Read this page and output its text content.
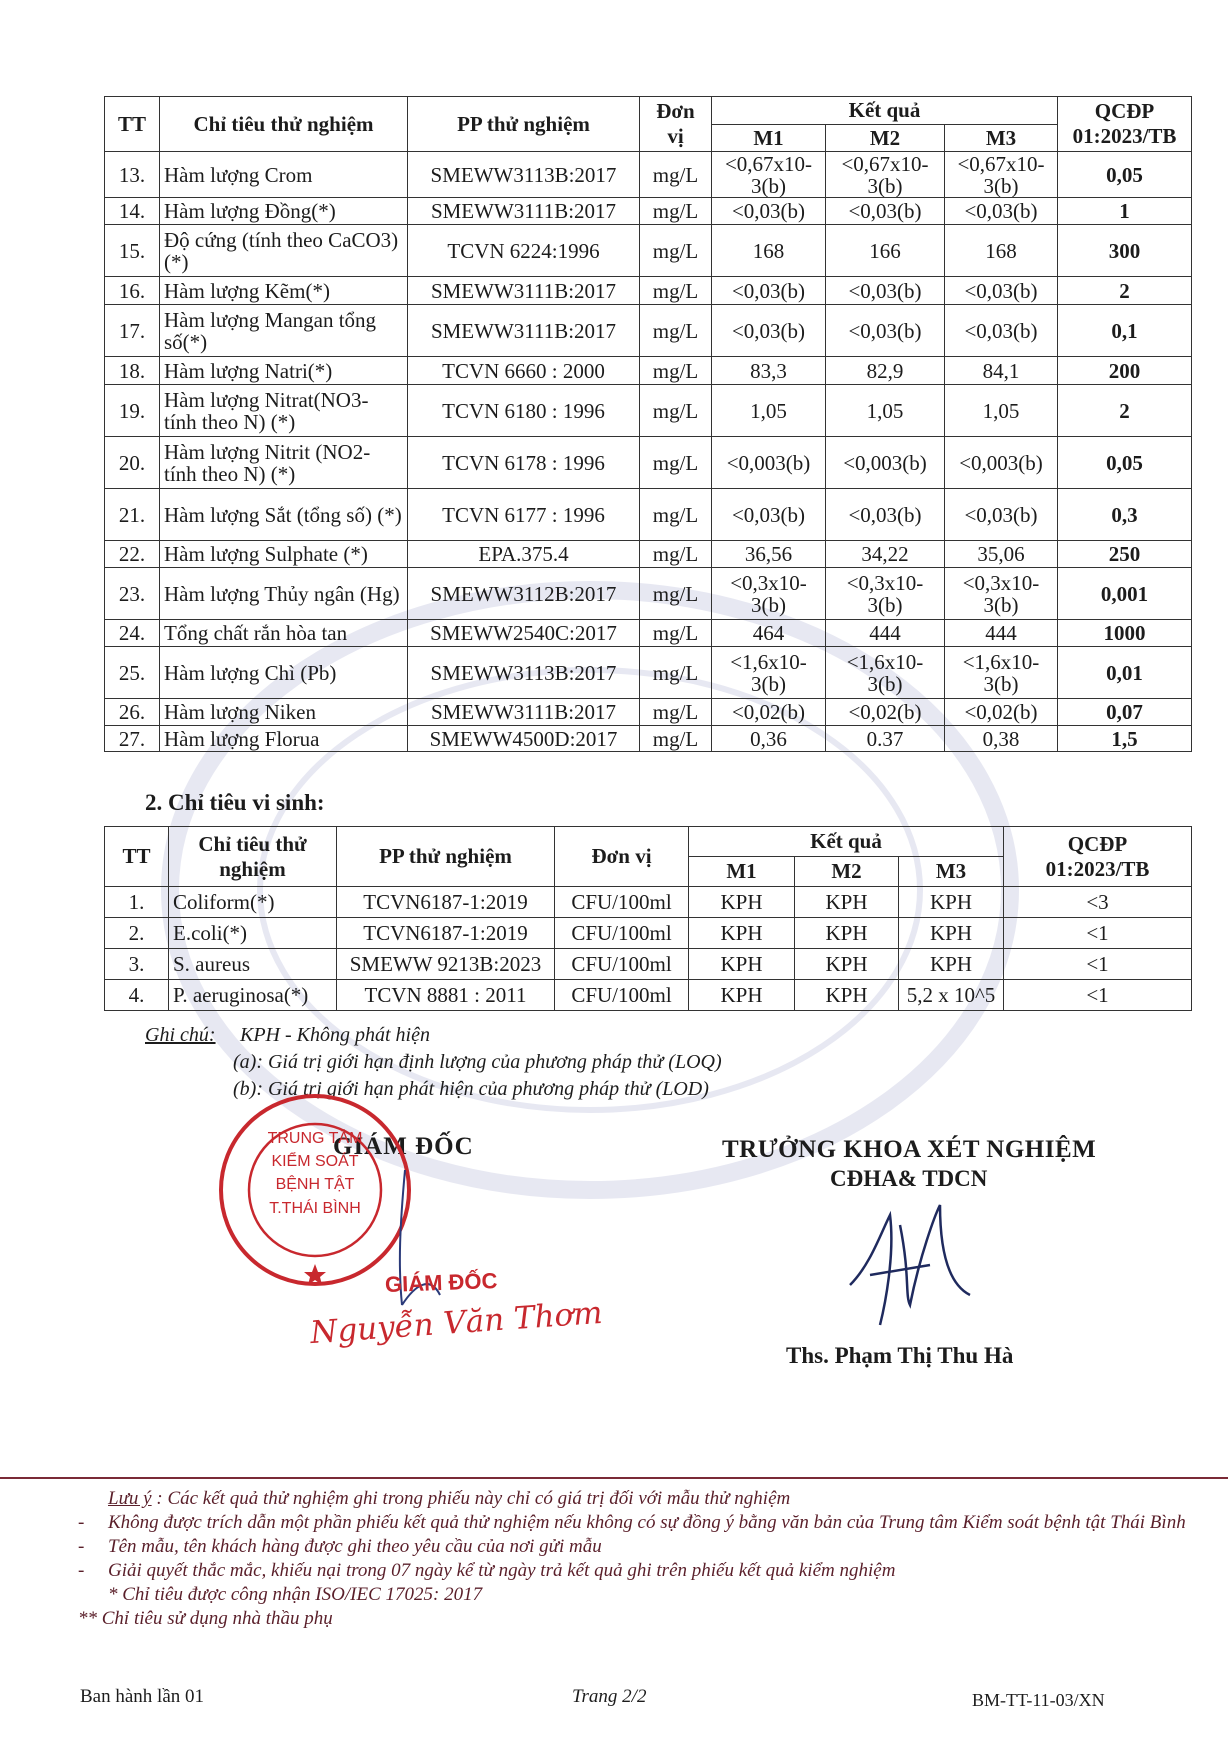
TT	Chỉ tiêu thử nghiệm	PP thử nghiệm	Đơn
vị	Kết quả			QCĐP
01:2023/TB
				M1	M2	M3	
13.	Hàm lượng Crom	SMEWW3113B:2017	mg/L	<0,67x10-3(b)	<0,67x10-3(b)	<0,67x10-3(b)	0,05
14.	Hàm lượng Đồng(*)	SMEWW3111B:2017	mg/L	<0,03(b)	<0,03(b)	<0,03(b)	1
15.	Độ cứng (tính theo CaCO3) (*)	TCVN 6224:1996	mg/L	168	166	168	300
16.	Hàm lượng Kẽm(*)	SMEWW3111B:2017	mg/L	<0,03(b)	<0,03(b)	<0,03(b)	2
17.	Hàm lượng Mangan tổng số(*)	SMEWW3111B:2017	mg/L	<0,03(b)	<0,03(b)	<0,03(b)	0,1
18.	Hàm lượng Natri(*)	TCVN 6660 : 2000	mg/L	83,3	82,9	84,1	200
19.	Hàm lượng Nitrat(NO3- tính theo N) (*)	TCVN 6180 : 1996	mg/L	1,05	1,05	1,05	2
20.	Hàm lượng Nitrit (NO2- tính theo N) (*)	TCVN 6178 : 1996	mg/L	<0,003(b)	<0,003(b)	<0,003(b)	0,05
21.	Hàm lượng Sắt (tổng số) (*)	TCVN 6177 : 1996	mg/L	<0,03(b)	<0,03(b)	<0,03(b)	0,3
22.	Hàm lượng Sulphate (*)	EPA.375.4	mg/L	36,56	34,22	35,06	250
23.	Hàm lượng Thủy ngân (Hg)	SMEWW3112B:2017	mg/L	<0,3x10-3(b)	<0,3x10-3(b)	<0,3x10-3(b)	0,001
24.	Tổng chất rắn hòa tan	SMEWW2540C:2017	mg/L	464	444	444	1000
25.	Hàm lượng Chì (Pb)	SMEWW3113B:2017	mg/L	<1,6x10-3(b)	<1,6x10-3(b)	<1,6x10-3(b)	0,01
26.	Hàm lượng Niken	SMEWW3111B:2017	mg/L	<0,02(b)	<0,02(b)	<0,02(b)	0,07
27.	Hàm lượng Florua	SMEWW4500D:2017	mg/L	0,36	0.37	0,38	1,5
2. Chỉ tiêu vi sinh:
TT	Chỉ tiêu thử
nghiệm	PP thử nghiệm	Đơn vị	Kết quả			QCĐP
01:2023/TB
				M1	M2	M3	
1.	Coliform(*)	TCVN6187-1:2019	CFU/100ml	KPH	KPH	KPH	<3
2.	E.coli(*)	TCVN6187-1:2019	CFU/100ml	KPH	KPH	KPH	<1
3.	S. aureus	SMEWW 9213B:2023	CFU/100ml	KPH	KPH	KPH	<1
4.	P. aeruginosa(*)	TCVN 8881 : 2011	CFU/100ml	KPH	KPH	5,2 x 10^5	<1
Ghi chú: KPH - Không phát hiện
(a): Giá trị giới hạn định lượng của phương pháp thử (LOQ)
(b): Giá trị giới hạn phát hiện của phương pháp thử (LOD)
GIÁM ĐỐC
TRUNG TÂM
KIỂM SOÁT
BỆNH TẬT
T.THÁI BÌNH
GIÁM ĐỐC
Nguyễn Văn Thơm
TRƯỞNG KHOA XÉT NGHIỆM
CĐHA& TDCN
Ths. Phạm Thị Thu Hà
Lưu ý : Các kết quả thử nghiệm ghi trong phiếu này chỉ có giá trị đối với mẫu thử nghiệm
- Không được trích dẫn một phần phiếu kết quả thử nghiệm nếu không có sự đồng ý bằng văn bản của Trung tâm Kiểm soát bệnh tật Thái Bình
- Tên mẫu, tên khách hàng được ghi theo yêu cầu của nơi gửi mẫu
- Giải quyết thắc mắc, khiếu nại trong 07 ngày kể từ ngày trả kết quả ghi trên phiếu kết quả kiểm nghiệm
* Chỉ tiêu được công nhận ISO/IEC 17025: 2017
** Chỉ tiêu sử dụng nhà thầu phụ
Ban hành lần 01	Trang 2/2	BM-TT-11-03/XN
